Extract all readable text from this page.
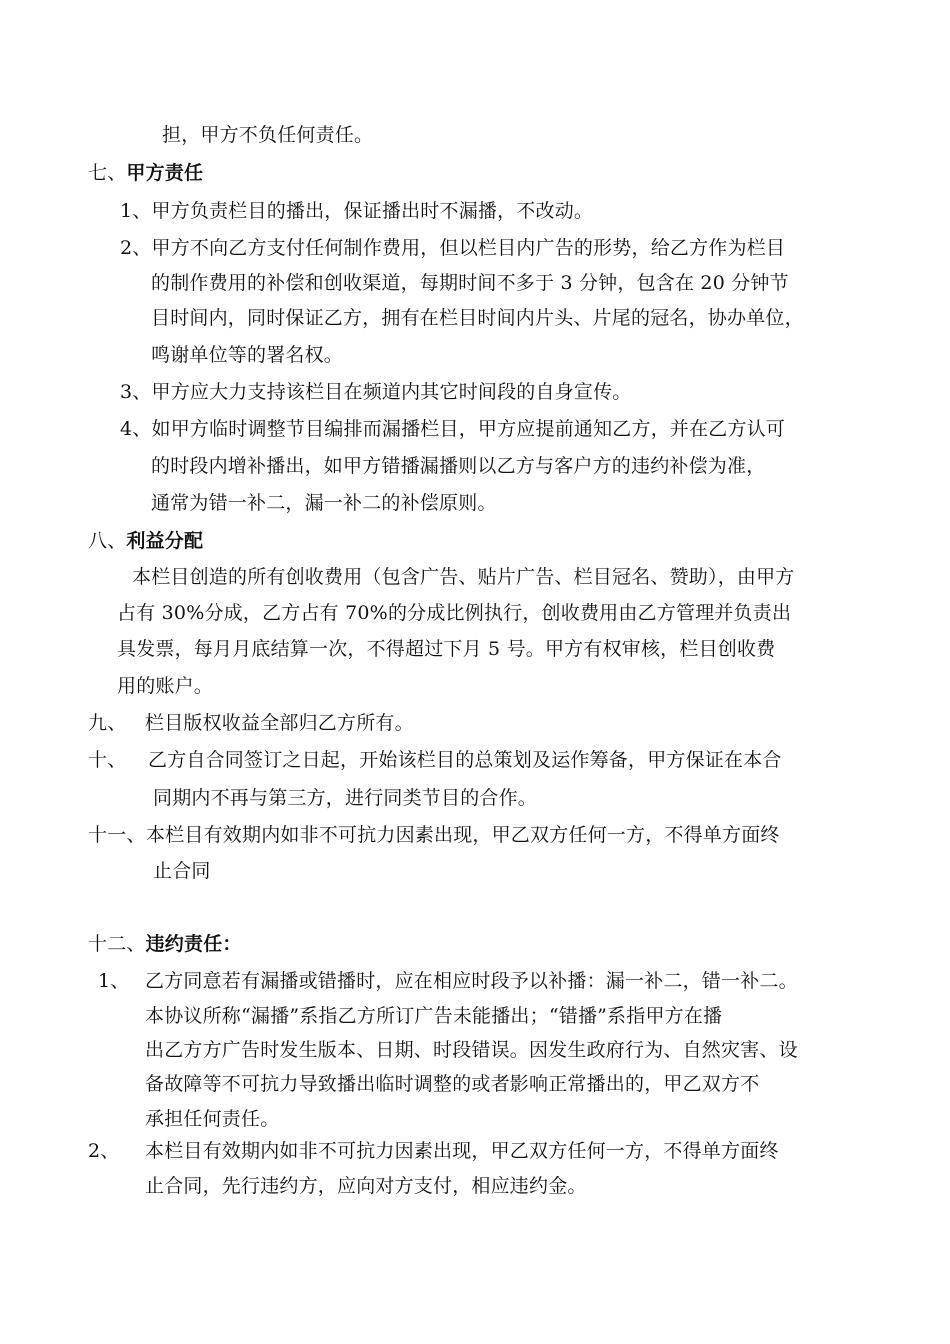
担，甲方不负任何责任。
七、甲方责任
1、甲方负责栏目的播出，保证播出时不漏播，不改动。
2、甲方不向乙方支付任何制作费用，但以栏目内广告的形势，给乙方作为栏目
的制作费用的补偿和创收渠道，每期时间不多于 3 分钟，包含在 20 分钟节
目时间内，同时保证乙方，拥有在栏目时间内片头、片尾的冠名，协办单位，
鸣谢单位等的署名权。
3、甲方应大力支持该栏目在频道内其它时间段的自身宣传。
4、如甲方临时调整节目编排而漏播栏目，甲方应提前通知乙方，并在乙方认可
的时段内增补播出，如甲方错播漏播则以乙方与客户方的违约补偿为准，
通常为错一补二，漏一补二的补偿原则。
八、利益分配
本栏目创造的所有创收费用（包含广告、贴片广告、栏目冠名、赞助），由甲方
占有 30%分成，乙方占有 70%的分成比例执行，创收费用由乙方管理并负责出
具发票，每月月底结算一次，不得超过下月 5 号。甲方有权审核，栏目创收费
用的账户。
九、 栏目版权收益全部归乙方所有。
十、 乙方自合同签订之日起，开始该栏目的总策划及运作筹备，甲方保证在本合
同期内不再与第三方，进行同类节目的合作。
十一、 本栏目有效期内如非不可抗力因素出现，甲乙双方任何一方，不得单方面终
止合同
十二、违约责任：
1、 乙方同意若有漏播或错播时，应在相应时段予以补播：漏一补二，错一补二。
本协议所称“漏播”系指乙方所订广告未能播出；“错播”系指甲方在播
出乙方方广告时发生版本、日期、时段错误。因发生政府行为、自然灾害、设
备故障等不可抗力导致播出临时调整的或者影响正常播出的，甲乙双方不
承担任何责任。
2、 本栏目有效期内如非不可抗力因素出现，甲乙双方任何一方，不得单方面终
止合同，先行违约方，应向对方支付，相应违约金。
